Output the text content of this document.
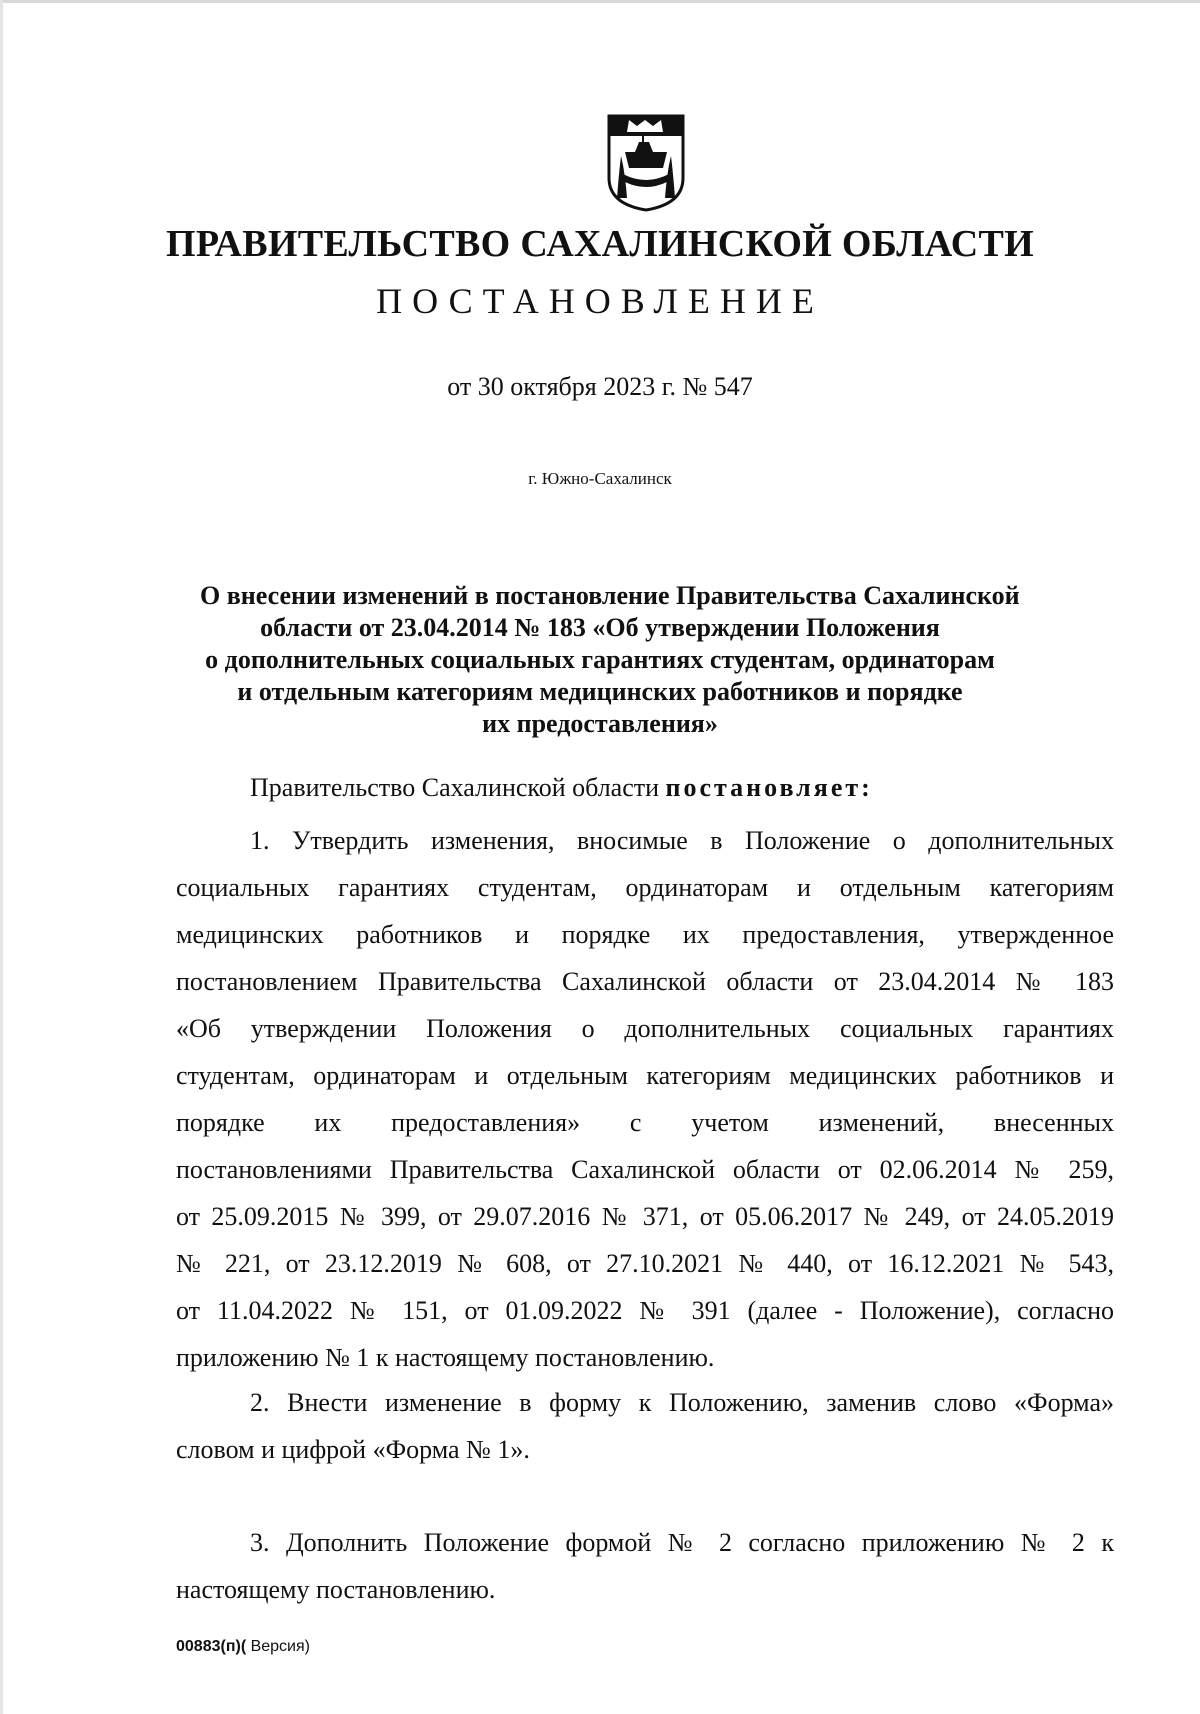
ПРАВИТЕЛЬСТВО САХАЛИНСКОЙ ОБЛАСТИ
ПОСТАНОВЛЕНИЕ
от 30 октября 2023 г. № 547
г. Южно-Сахалинск
О внесении изменений в постановление Правительства Сахалинской
области от 23.04.2014 № 183 «Об утверждении Положения
о дополнительных социальных гарантиях студентам, ординаторам
и отдельным категориям медицинских работников и порядке
их предоставления»
Правительство Сахалинской области постановляет:
1. Утвердить изменения, вносимые в Положение о дополнительных
социальных гарантиях студентам, ординаторам и отдельным категориям
медицинских работников и порядке их предоставления, утвержденное
постановлением Правительства Сахалинской области от 23.04.2014 № 183
«Об утверждении Положения о дополнительных социальных гарантиях
студентам, ординаторам и отдельным категориям медицинских работников и
порядке их предоставления» с учетом изменений, внесенных
постановлениями Правительства Сахалинской области от 02.06.2014 № 259,
от 25.09.2015 № 399, от 29.07.2016 № 371, от 05.06.2017 № 249, от 24.05.2019
№ 221, от 23.12.2019 № 608, от 27.10.2021 № 440, от 16.12.2021 № 543,
от 11.04.2022 № 151, от 01.09.2022 № 391 (далее - Положение), согласно
приложению № 1 к настоящему постановлению.
2. Внести изменение в форму к Положению, заменив слово «Форма»
словом и цифрой «Форма № 1».
3. Дополнить Положение формой № 2 согласно приложению № 2 к
настоящему постановлению.
00883(п)( Версия)
